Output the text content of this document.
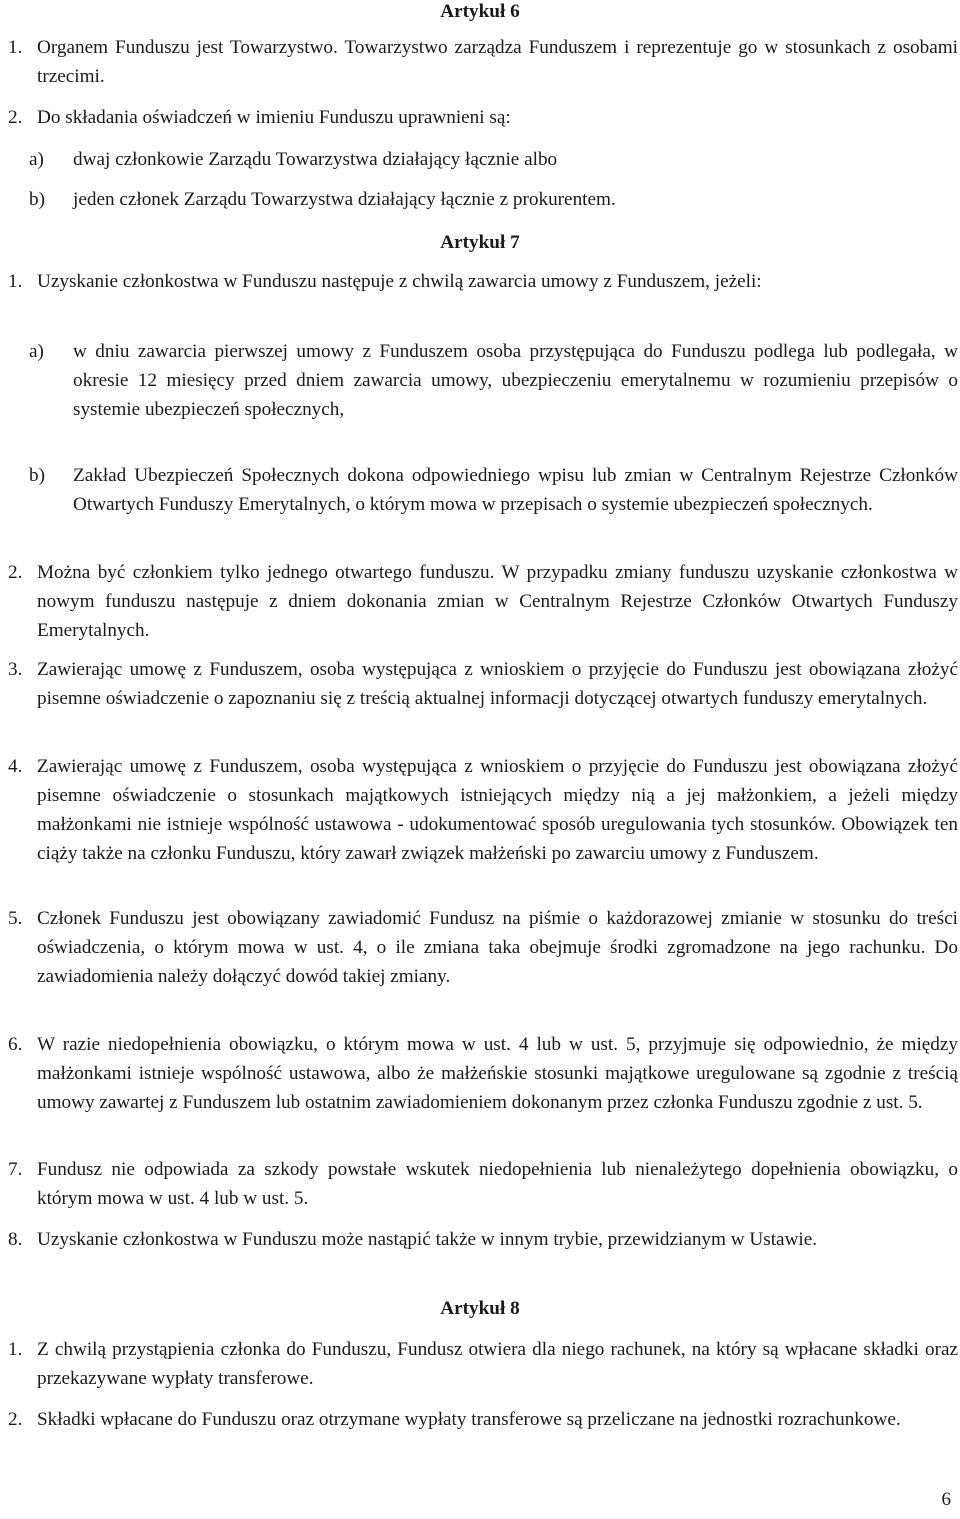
Artykuł 6
1. Organem Funduszu jest Towarzystwo. Towarzystwo zarządza Funduszem i reprezentuje go w stosunkach z osobami trzecimi.
2. Do składania oświadczeń w imieniu Funduszu uprawnieni są:
a)	dwaj członkowie Zarządu Towarzystwa działający łącznie albo
b)	jeden członek Zarządu Towarzystwa działający łącznie z prokurentem.
Artykuł 7
1. Uzyskanie członkostwa w Funduszu następuje z chwilą zawarcia umowy z Funduszem, jeżeli:
a)	w dniu zawarcia pierwszej umowy z Funduszem osoba przystępująca do Funduszu podlega lub podlegała, w okresie 12 miesięcy przed dniem zawarcia umowy, ubezpieczeniu emerytalnemu w rozumieniu przepisów o systemie ubezpieczeń społecznych,
b)	Zakład Ubezpieczeń Społecznych dokona odpowiedniego wpisu lub zmian w Centralnym Rejestrze Członków Otwartych Funduszy Emerytalnych, o którym mowa w przepisach o systemie ubezpieczeń społecznych.
2. Można być członkiem tylko jednego otwartego funduszu. W przypadku zmiany funduszu uzyskanie członkostwa w nowym funduszu następuje z dniem dokonania zmian w Centralnym Rejestrze Członków Otwartych Funduszy Emerytalnych.
3. Zawierając umowę z Funduszem, osoba występująca z wnioskiem o przyjęcie do Funduszu jest obowiązana złożyć pisemne oświadczenie o zapoznaniu się z treścią aktualnej informacji dotyczącej otwartych funduszy emerytalnych.
4. Zawierając umowę z Funduszem, osoba występująca z wnioskiem o przyjęcie do Funduszu jest obowiązana złożyć pisemne oświadczenie o stosunkach majątkowych istniejących między nią a jej małżonkiem, a jeżeli między małżonkami nie istnieje wspólność ustawowa - udokumentować sposób uregulowania tych stosunków. Obowiązek ten ciąży także na członku Funduszu, który zawarł związek małżeński po zawarciu umowy z Funduszem.
5. Członek Funduszu jest obowiązany zawiadomić Fundusz na piśmie o każdorazowej zmianie w stosunku do treści oświadczenia, o którym mowa w ust. 4, o ile zmiana taka obejmuje środki zgromadzone na jego rachunku. Do zawiadomienia należy dołączyć dowód takiej zmiany.
6. W razie niedopełnienia obowiązku, o którym mowa w ust. 4 lub w ust. 5, przyjmuje się odpowiednio, że między małżonkami istnieje wspólność ustawowa, albo że małżeńskie stosunki majątkowe uregulowane są zgodnie z treścią umowy zawartej z Funduszem lub ostatnim zawiadomieniem dokonanym przez członka Funduszu zgodnie z ust. 5.
7. Fundusz nie odpowiada za szkody powstałe wskutek niedopełnienia lub nienależytego dopełnienia obowiązku, o którym mowa w ust. 4 lub w ust. 5.
8. Uzyskanie członkostwa w Funduszu może nastąpić także w innym trybie, przewidzianym w Ustawie.
Artykuł 8
1. Z chwilą przystąpienia członka do Funduszu, Fundusz otwiera dla niego rachunek, na który są wpłacane składki oraz przekazywane wypłaty transferowe.
2. Składki wpłacane do Funduszu oraz otrzymane wypłaty transferowe są przeliczane na jednostki rozrachunkowe.
6
